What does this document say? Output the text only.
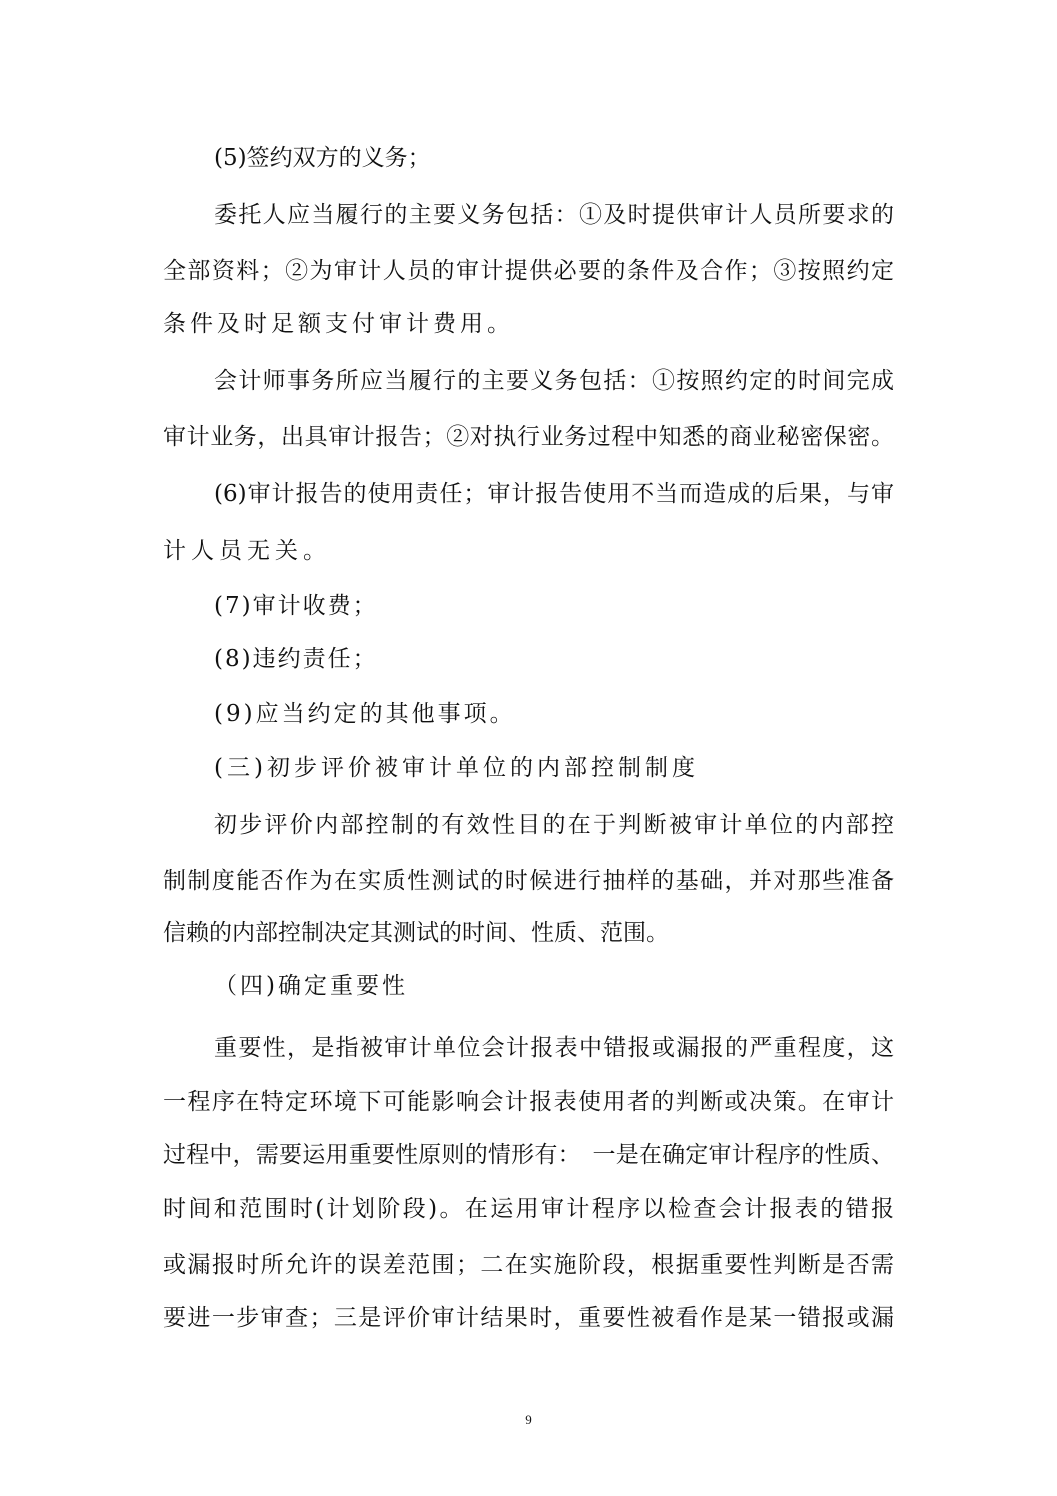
(5)签约双方的义务；
委托人应当履行的主要义务包括：①及时提供审计人员所要求的
全部资料；②为审计人员的审计提供必要的条件及合作；③按照约定
条件及时足额支付审计费用。
会计师事务所应当履行的主要义务包括：①按照约定的时间完成
审计业务，出具审计报告；②对执行业务过程中知悉的商业秘密保密。
(6)审计报告的使用责任；审计报告使用不当而造成的后果，与审
计人员无关。
(7)审计收费；
(8)违约责任；
(9)应当约定的其他事项。
(三)初步评价被审计单位的内部控制制度
初步评价内部控制的有效性目的在于判断被审计单位的内部控
制制度能否作为在实质性测试的时候进行抽样的基础，并对那些准备
信赖的内部控制决定其测试的时间、性质、范围。
（四)确定重要性
重要性，是指被审计单位会计报表中错报或漏报的严重程度，这
一程序在特定环境下可能影响会计报表使用者的判断或决策。在审计
过程中，需要运用重要性原则的情形有：　一是在确定审计程序的性质、
时间和范围时(计划阶段)。在运用审计程序以检查会计报表的错报
或漏报时所允许的误差范围；二在实施阶段，根据重要性判断是否需
要进一步审查；三是评价审计结果时，重要性被看作是某一错报或漏
9
